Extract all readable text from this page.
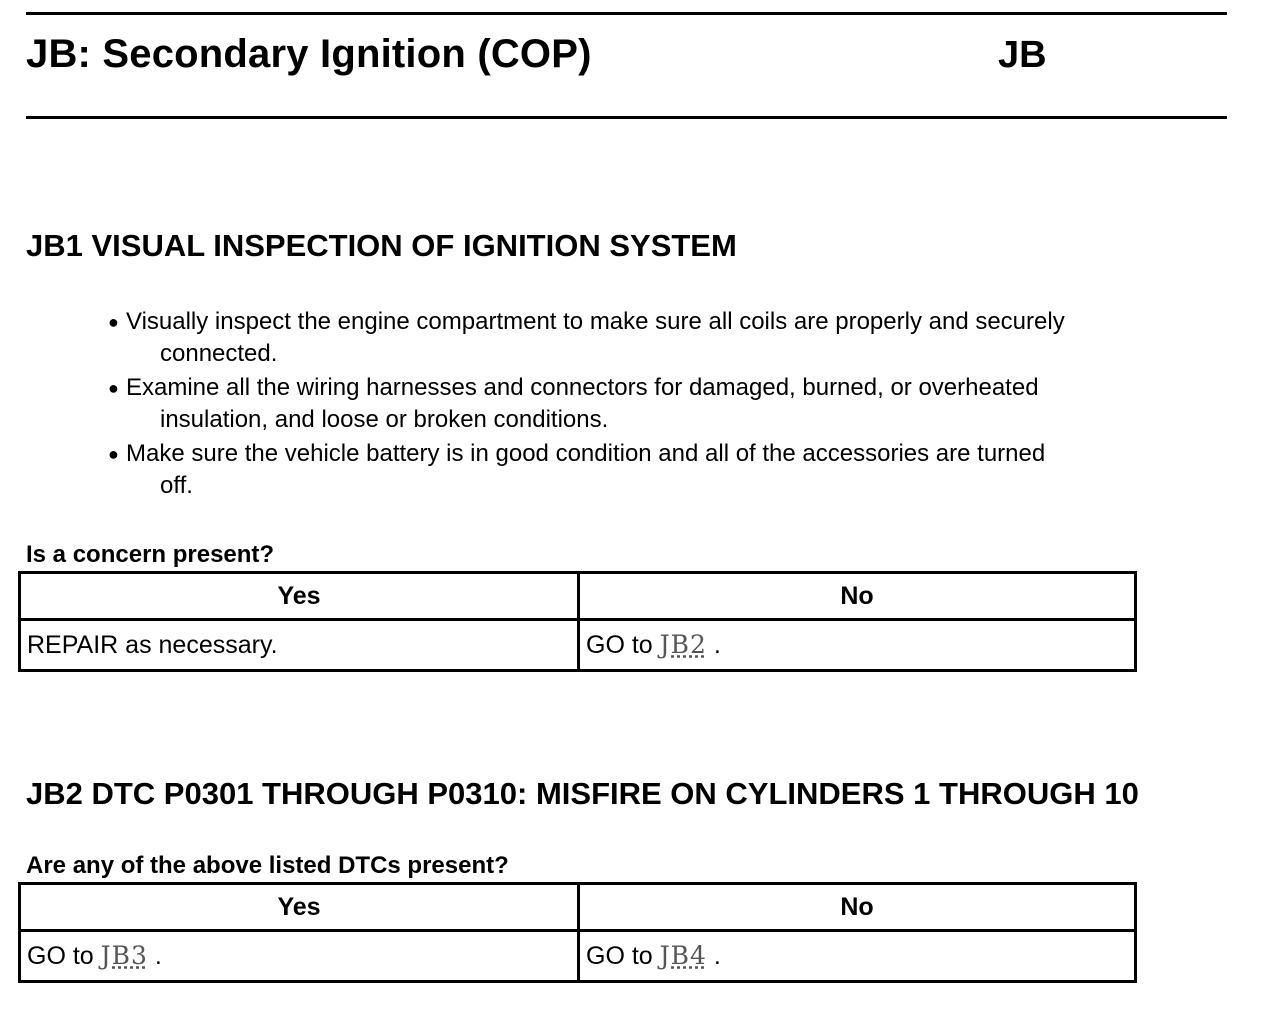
JB: Secondary Ignition (COP)	JB
JB1 VISUAL INSPECTION OF IGNITION SYSTEM
● Visually inspect the engine compartment to make sure all coils are properly and securely
connected.
● Examine all the wiring harnesses and connectors for damaged, burned, or overheated
insulation, and loose or broken conditions.
● Make sure the vehicle battery is in good condition and all of the accessories are turned
off.
Is a concern present?
Yes	No
REPAIR as necessary.	GO to JB2 .
JB2 DTC P0301 THROUGH P0310: MISFIRE ON CYLINDERS 1 THROUGH 10
Are any of the above listed DTCs present?
Yes	No
GO to JB3 .	GO to JB4 .
